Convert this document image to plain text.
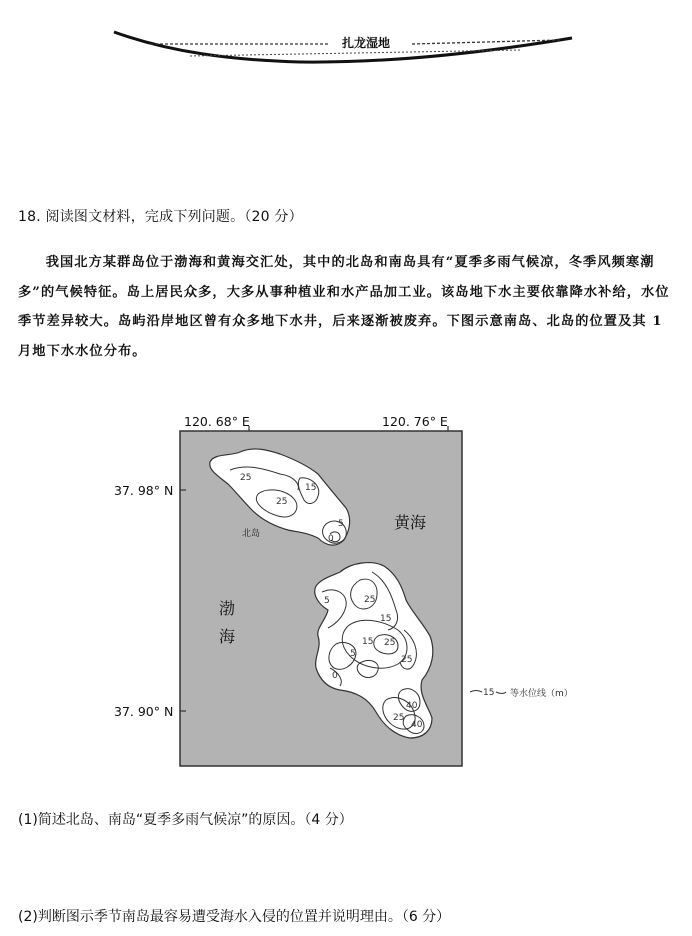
扎龙湿地
18. 阅读图文材料，完成下列问题。（20 分）

我国北方某群岛位于渤海和黄海交汇处，其中的北岛和南岛具有“夏季多雨气候凉，冬季风频寒潮多”的气候特征。岛上居民众多，大多从事种植业和水产品加工业。该岛地下水主要依靠降水补给，水位季节差异较大。岛屿沿岸地区曾有众多地下水井，后来逐渐被废弃。下图示意南岛、北岛的位置及其 1 月地下水水位分布。

120. 68° E	120. 76° E
37. 98° N
37. 90° N
25
15
25
5
0
北岛
5	25
15
15 25
5
25
0
40
25
40
黄海
渤
海
15 等水位线（m）
(1)简述北岛、南岛“夏季多雨气候凉”的原因。（4 分）
(2)判断图示季节南岛最容易遭受海水入侵的位置并说明理由。（6 分）
